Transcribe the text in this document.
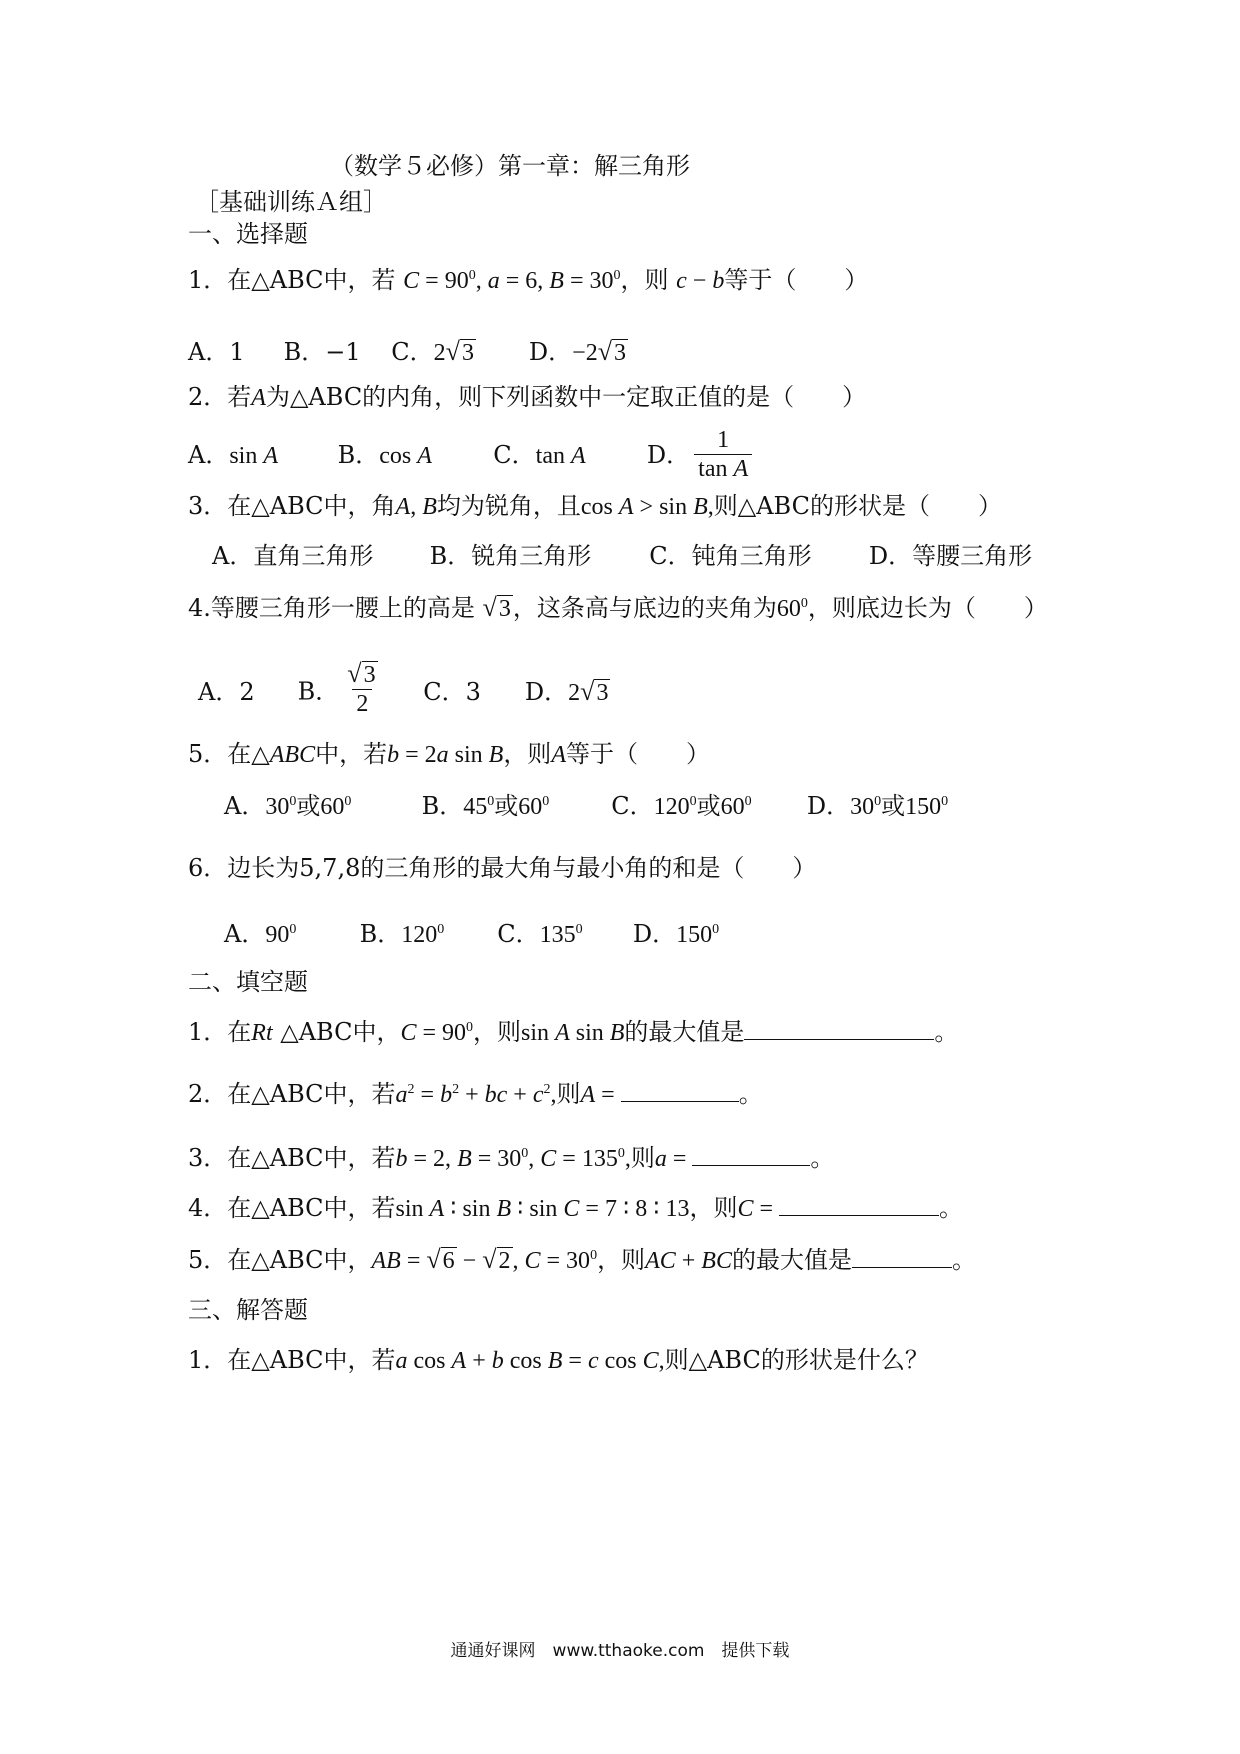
（数学５必修）第一章：解三角形
［基础训练Ａ组］
一、选择题
1．在△ABC中，若 $C = 90^0$, a = 6, $B = 30^0$，则 c − b等于（　　）
A．1 B．−1 C．2√3 D．−2√3
2．若A为△ABC的内角，则下列函数中一定取正值的是（　　）
A．sin A B．cos A	C．tan A	D． $\frac{1}{\text{tan A}}$
3．在△ABC中，角A, B均为锐角，且cos A > sin B,则△ABC的形状是（　　）
A．直角三角形 B．锐角三角形 C．钝角三角形 D．等腰三角形
4.等腰三角形一腰上的高是 √3，这条高与底边的夹角为$60^0$，则底边长为（　　）
A．2 B． $\frac{√3}{2}$ C．3 D．2√3
5．在△ABC中，若b = 2a sin B，则A等于（　　）
A．$30^0$或$60^0$	B．$45^0$或$60^0$	C．$120^0$或$60^0$ D．$30^0$或$150^0$
6．边长为5,7,8的三角形的最大角与最小角的和是（　　）
A．$90^0$	B．$120^0$ C．$135^0$ D．$150^0$
二、填空题
1．在Rt △ABC中，$C = 90^0$，则sin A sin B的最大值是	。
2．在△ABC中，若$a^2 = b^2$ + bc + $c^2$,则A =	。
3．在△ABC中，若b = 2, $B = 30^0$, $C = 135^0$,则a =	。
4．在△ABC中，若sin A ∶ sin B ∶ sin C = 7 ∶ 8 ∶ 13，则C =	。
5．在△ABC中，AB = √6 − √2, $C = 30^0$，则AC + BC的最大值是	。
三、解答题
1．在△ABC中，若a cos A + b cos B = c cos C,则△ABC的形状是什么？
通通好课网　www.tthaoke.com　提供下载
